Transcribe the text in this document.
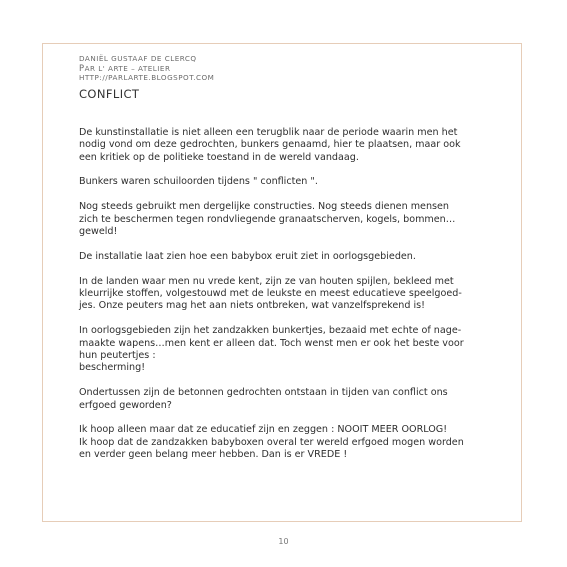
DANIËL GUSTAAF DE CLERCQ
PAR L' ARTE – ATELIER
HTTP://PARLARTE.BLOGSPOT.COM
CONFLICT

De kunstinstallatie is niet alleen een terugblik naar de periode waarin men het
nodig vond om deze gedrochten, bunkers genaamd, hier te plaatsen, maar ook
een kritiek op de politieke toestand in de wereld vandaag.

Bunkers waren schuiloorden tijdens " conflicten ".

Nog steeds gebruikt men dergelijke constructies. Nog steeds dienen mensen
zich te beschermen tegen rondvliegende granaatscherven, kogels, bommen…
geweld!

De installatie laat zien hoe een babybox eruit ziet in oorlogsgebieden.

In de landen waar men nu vrede kent, zijn ze van houten spijlen, bekleed met
kleurrijke stoffen, volgestouwd met de leukste en meest educatieve speelgoed-
jes. Onze peuters mag het aan niets ontbreken, wat vanzelfsprekend is!

In oorlogsgebieden zijn het zandzakken bunkertjes, bezaaid met echte of nage-
maakte wapens…men kent er alleen dat. Toch wenst men er ook het beste voor
hun peutertjes :
bescherming!

Ondertussen zijn de betonnen gedrochten ontstaan in tijden van conflict ons
erfgoed geworden?

Ik hoop alleen maar dat ze educatief zijn en zeggen : NOOIT MEER OORLOG!
Ik hoop dat de zandzakken babyboxen overal ter wereld erfgoed mogen worden
en verder geen belang meer hebben. Dan is er VREDE !

10
